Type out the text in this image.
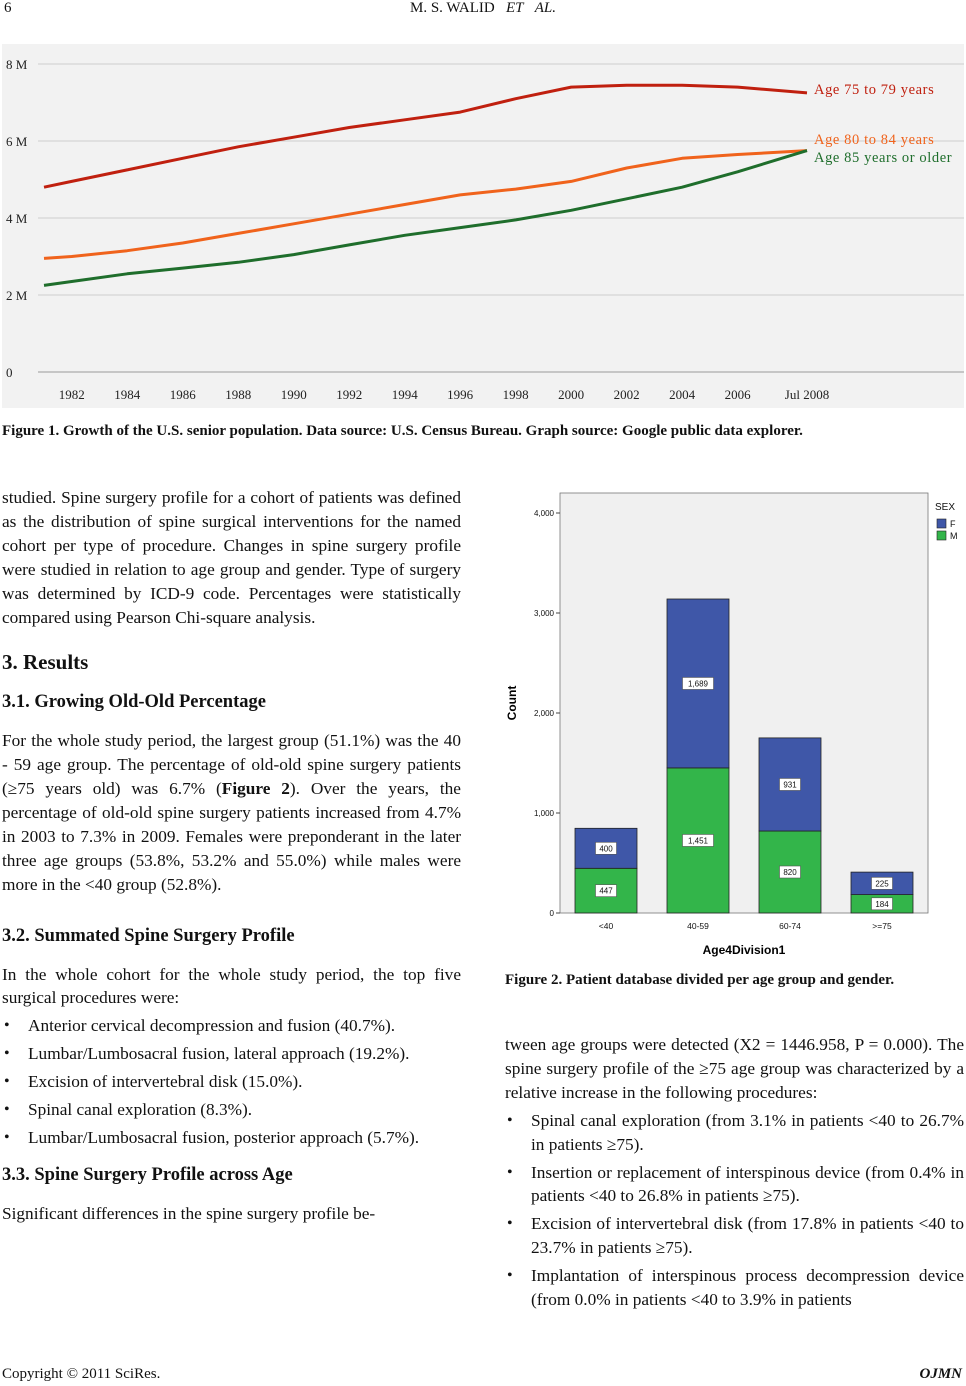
6	M. S. WALID ET AL.
0
2 M
4 M
6 M
8 M
1982 1984 1986 1988 1990 1992 1994 1996 1998 2000 2002 2004 2006	Jul 2008
Age 75 to 79 years
Age 80 to 84 years
Age 85 years or older
Figure 1. Growth of the U.S. senior population. Data source: U.S. Census Bureau. Graph source: Google public data explorer.

studied. Spine surgery profile for a cohort of patients was defined as the distribution of spine surgical interventions for the named cohort per type of procedure. Changes in spine surgery profile were studied in relation to age group and gender. Type of surgery was determined by ICD-9 code. Percentages were statistically compared using Pearson Chi-square analysis.

3. Results
3.1. Growing Old-Old Percentage

For the whole study period, the largest group (51.1%) was the 40 - 59 age group. The percentage of old-old spine surgery patients (≥75 years old) was 6.7% (Figure 2). Over the years, the percentage of old-old spine surgery patients increased from 4.7% in 2003 to 7.3% in 2009. Females were preponderant in the later three age groups (53.8%, 53.2% and 55.0%) while males were more in the <40 group (52.8%).

3.2. Summated Spine Surgery Profile

In the whole cohort for the whole study period, the top five surgical procedures were:

• Anterior cervical decompression and fusion (40.7%).
• Lumbar/Lumbosacral fusion, lateral approach (19.2%).
• Excision of intervertebral disk (15.0%).
• Spinal canal exploration (8.3%).
• Lumbar/Lumbosacral fusion, posterior approach (5.7%).
3.3. Spine Surgery Profile across Age

Significant differences in the spine surgery profile be-

0
1,000
2,000
3,000
4,000
Count
Age4Division1
<40	40-59	60-74	>=75
447
400
1,451
1,689
820
931
184
225
SEX
F
M
Figure 2. Patient database divided per age group and gender.

tween age groups were detected (X2 = 1446.958, P = 0.000). The spine surgery profile of the ≥75 age group was characterized by a relative increase in the following procedures:

• Spinal canal exploration (from 3.1% in patients <40 to 26.7% in patients ≥75).
• Insertion or replacement of interspinous device (from 0.4% in patients <40 to 26.8% in patients ≥75).
• Excision of intervertebral disk (from 17.8% in patients <40 to 23.7% in patients ≥75).
• Implantation of interspinous process decompression device (from 0.0% in patients <40 to 3.9% in patients
Copyright © 2011 SciRes.	OJMN
